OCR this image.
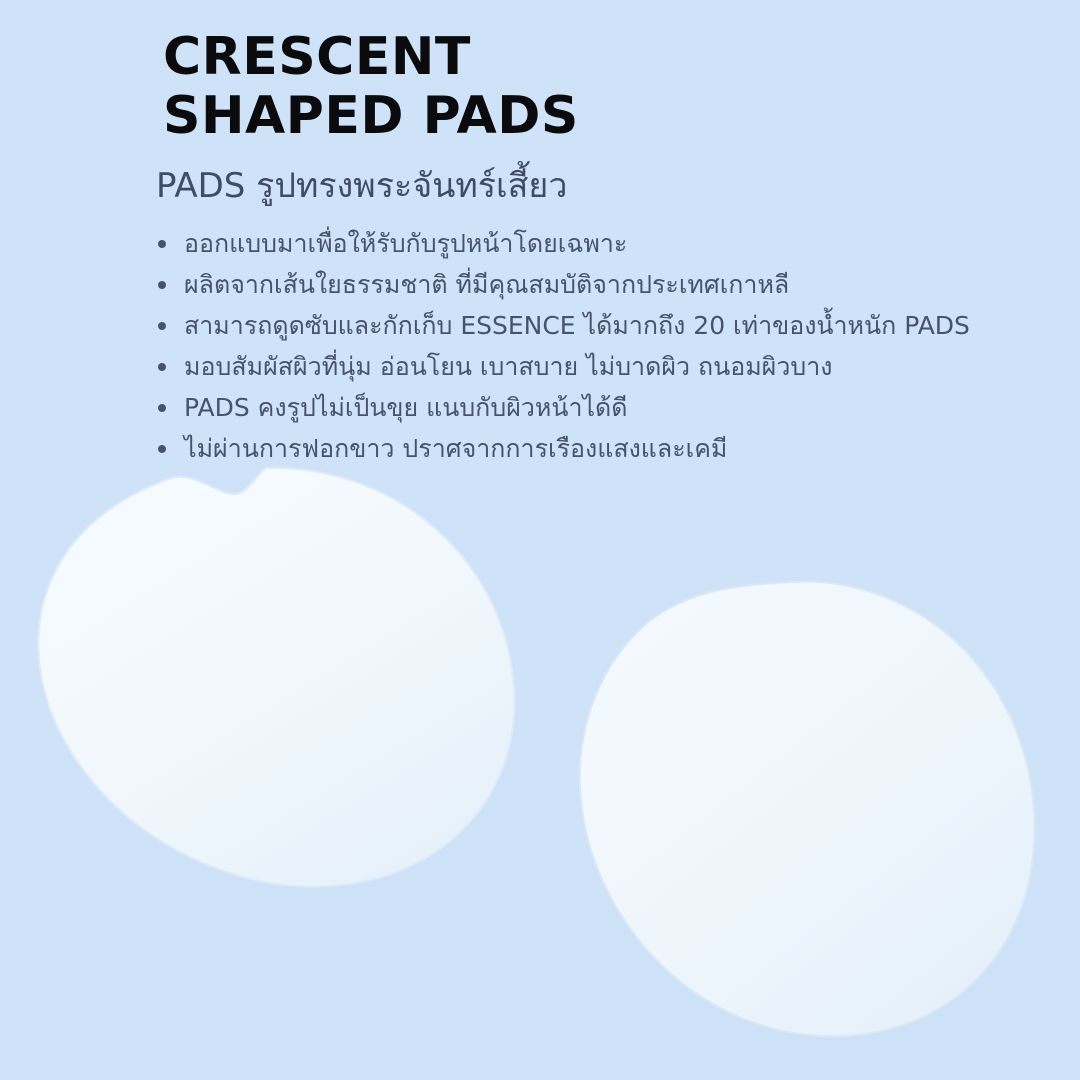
CRESCENT
SHAPED PADS
PADS รูปทรงพระจันทร์เสี้ยว
ออกแบบมาเพื่อให้รับกับรูปหน้าโดยเฉพาะ
ผลิตจากเส้นใยธรรมชาติ ที่มีคุณสมบัติจากประเทศเกาหลี
สามารถดูดซับและกักเก็บ ESSENCE ได้มากถึง 20 เท่าของน้ำหนัก PADS
มอบสัมผัสผิวที่นุ่ม อ่อนโยน เบาสบาย ไม่บาดผิว ถนอมผิวบาง
PADS คงรูปไม่เป็นขุย แนบกับผิวหน้าได้ดี
ไม่ผ่านการฟอกขาว ปราศจากการเรืองแสงและเคมี
